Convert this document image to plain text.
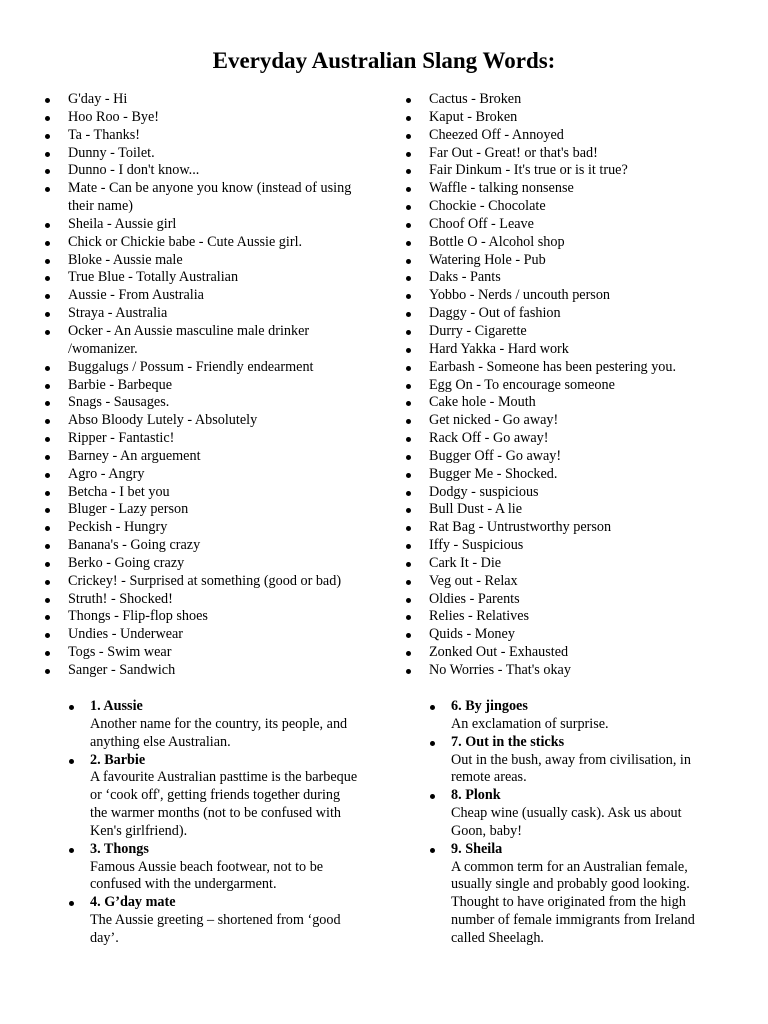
Everyday Australian Slang Words:
G'day - Hi
Hoo Roo - Bye!
Ta - Thanks!
Dunny - Toilet.
Dunno - I don't know...
Mate - Can be anyone you know (instead of using their name)
Sheila - Aussie girl
Chick or Chickie babe - Cute Aussie girl.
Bloke - Aussie male
True Blue - Totally Australian
Aussie - From Australia
Straya - Australia
Ocker - An Aussie masculine male drinker /womanizer.
Buggalugs / Possum - Friendly endearment
Barbie - Barbeque
Snags - Sausages.
Abso Bloody Lutely - Absolutely
Ripper - Fantastic!
Barney - An arguement
Agro - Angry
Betcha - I bet you
Bluger - Lazy person
Peckish - Hungry
Banana's - Going crazy
Berko - Going crazy
Crickey! - Surprised at something (good or bad)
Struth! - Shocked!
Thongs - Flip-flop shoes
Undies - Underwear
Togs - Swim wear
Sanger - Sandwich
Cactus - Broken
Kaput - Broken
Cheezed Off - Annoyed
Far Out - Great! or that's bad!
Fair Dinkum - It's true or is it true?
Waffle - talking nonsense
Chockie - Chocolate
Choof Off - Leave
Bottle O - Alcohol shop
Watering Hole - Pub
Daks - Pants
Yobbo - Nerds / uncouth person
Daggy - Out of fashion
Durry - Cigarette
Hard Yakka - Hard work
Earbash - Someone has been pestering you.
Egg On - To encourage someone
Cake hole - Mouth
Get nicked - Go away!
Rack Off - Go away!
Bugger Off - Go away!
Bugger Me - Shocked.
Dodgy - suspicious
Bull Dust - A lie
Rat Bag - Untrustworthy person
Iffy - Suspicious
Cark It - Die
Veg out - Relax
Oldies - Parents
Relies - Relatives
Quids - Money
Zonked Out - Exhausted
No Worries - That's okay
1. Aussie
Another name for the country, its people, and anything else Australian.
2. Barbie
A favourite Australian pasttime is the barbeque or ‘cook off', getting friends together during the warmer months (not to be confused with Ken's girlfriend).
3. Thongs
Famous Aussie beach footwear, not to be confused with the undergarment.
4. G’day mate
The Aussie greeting – shortened from ‘good day’.
6. By jingoes
An exclamation of surprise.
7. Out in the sticks
Out in the bush, away from civilisation, in remote areas.
8. Plonk
Cheap wine (usually cask). Ask us about Goon, baby!
9. Sheila
A common term for an Australian female, usually single and probably good looking. Thought to have originated from the high number of female immigrants from Ireland called Sheelagh.
